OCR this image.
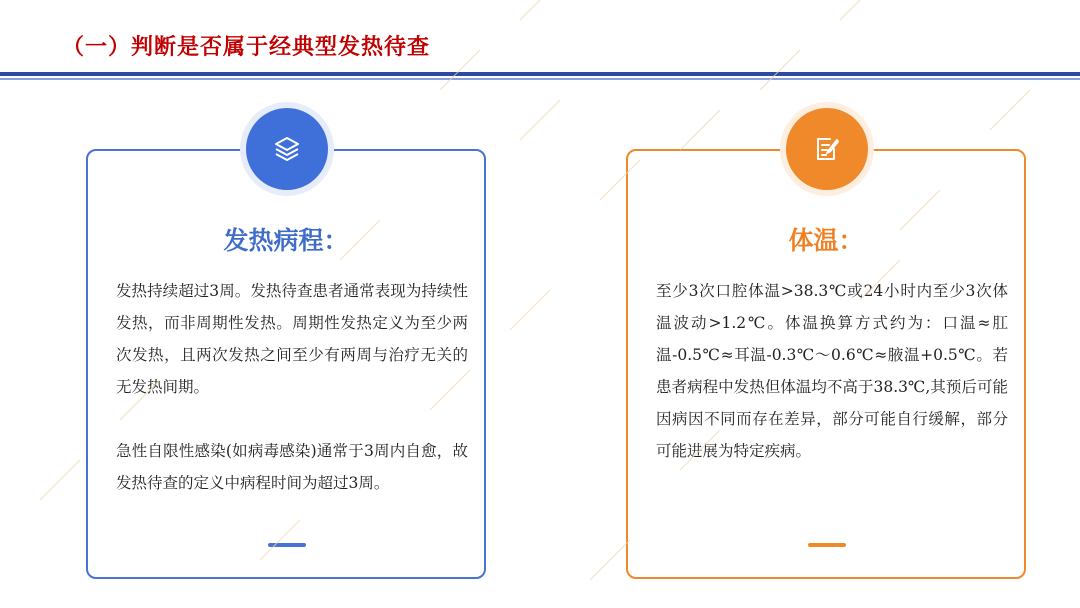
（一）判断是否属于经典型发热待查
发热病程：

发热持续超过3周。发热待查患者通常表现为持续性发热，而非周期性发热。周期性发热定义为至少两次发热，且两次发热之间至少有两周与治疗无关的无发热间期。

急性自限性感染(如病毒感染)通常于3周内自愈，故发热待查的定义中病程时间为超过3周。

体温：

至少3次口腔体温>38.3℃或24小时内至少3次体温波动>1.2℃。体温换算方式约为：口温≈肛温-0.5℃≈耳温-0.3℃～0.6℃≈腋温+0.5℃。若患者病程中发热但体温均不高于38.3℃,其预后可能因病因不同而存在差异，部分可能自行缓解，部分可能进展为特定疾病。
